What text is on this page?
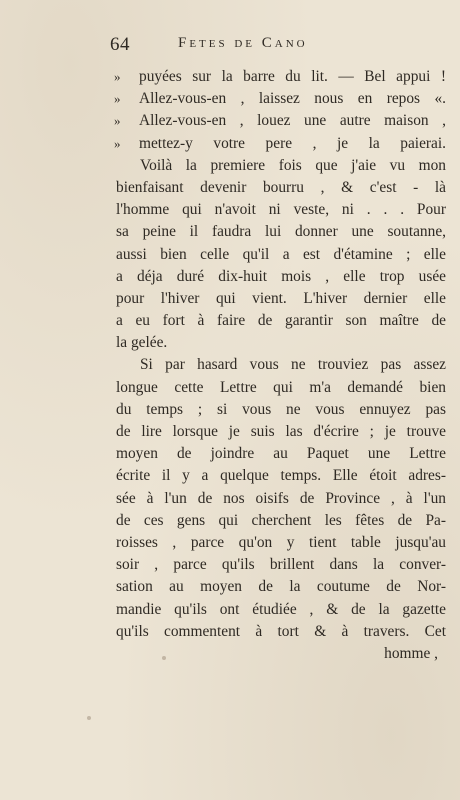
64	Fetes de Cano
» puyées sur la barre du lit. — Bel appui !
» Allez-vous-en , laissez nous en repos «.
» Allez-vous-en , louez une autre maison ,
» mettez-y votre pere , je la paierai.
Voilà la premiere fois que j'aie vu mon
bienfaisant devenir bourru , & c'est - là
l'homme qui n'avoit ni veste, ni . . . Pour
sa peine il faudra lui donner une soutanne,
aussi bien celle qu'il a est d'étamine ; elle
a déja duré dix-huit mois , elle trop usée
pour l'hiver qui vient. L'hiver dernier elle
a eu fort à faire de garantir son maître de
la gelée.
Si par hasard vous ne trouviez pas assez
longue cette Lettre qui m'a demandé bien
du temps ; si vous ne vous ennuyez pas
de lire lorsque je suis las d'écrire ; je trouve
moyen de joindre au Paquet une Lettre
écrite il y a quelque temps. Elle étoit adres-
sée à l'un de nos oisifs de Province , à l'un
de ces gens qui cherchent les fêtes de Pa-
roisses , parce qu'on y tient table jusqu'au
soir , parce qu'ils brillent dans la conver-
sation au moyen de la coutume de Nor-
mandie qu'ils ont étudiée , & de la gazette
qu'ils commentent à tort & à travers. Cet
homme ,
